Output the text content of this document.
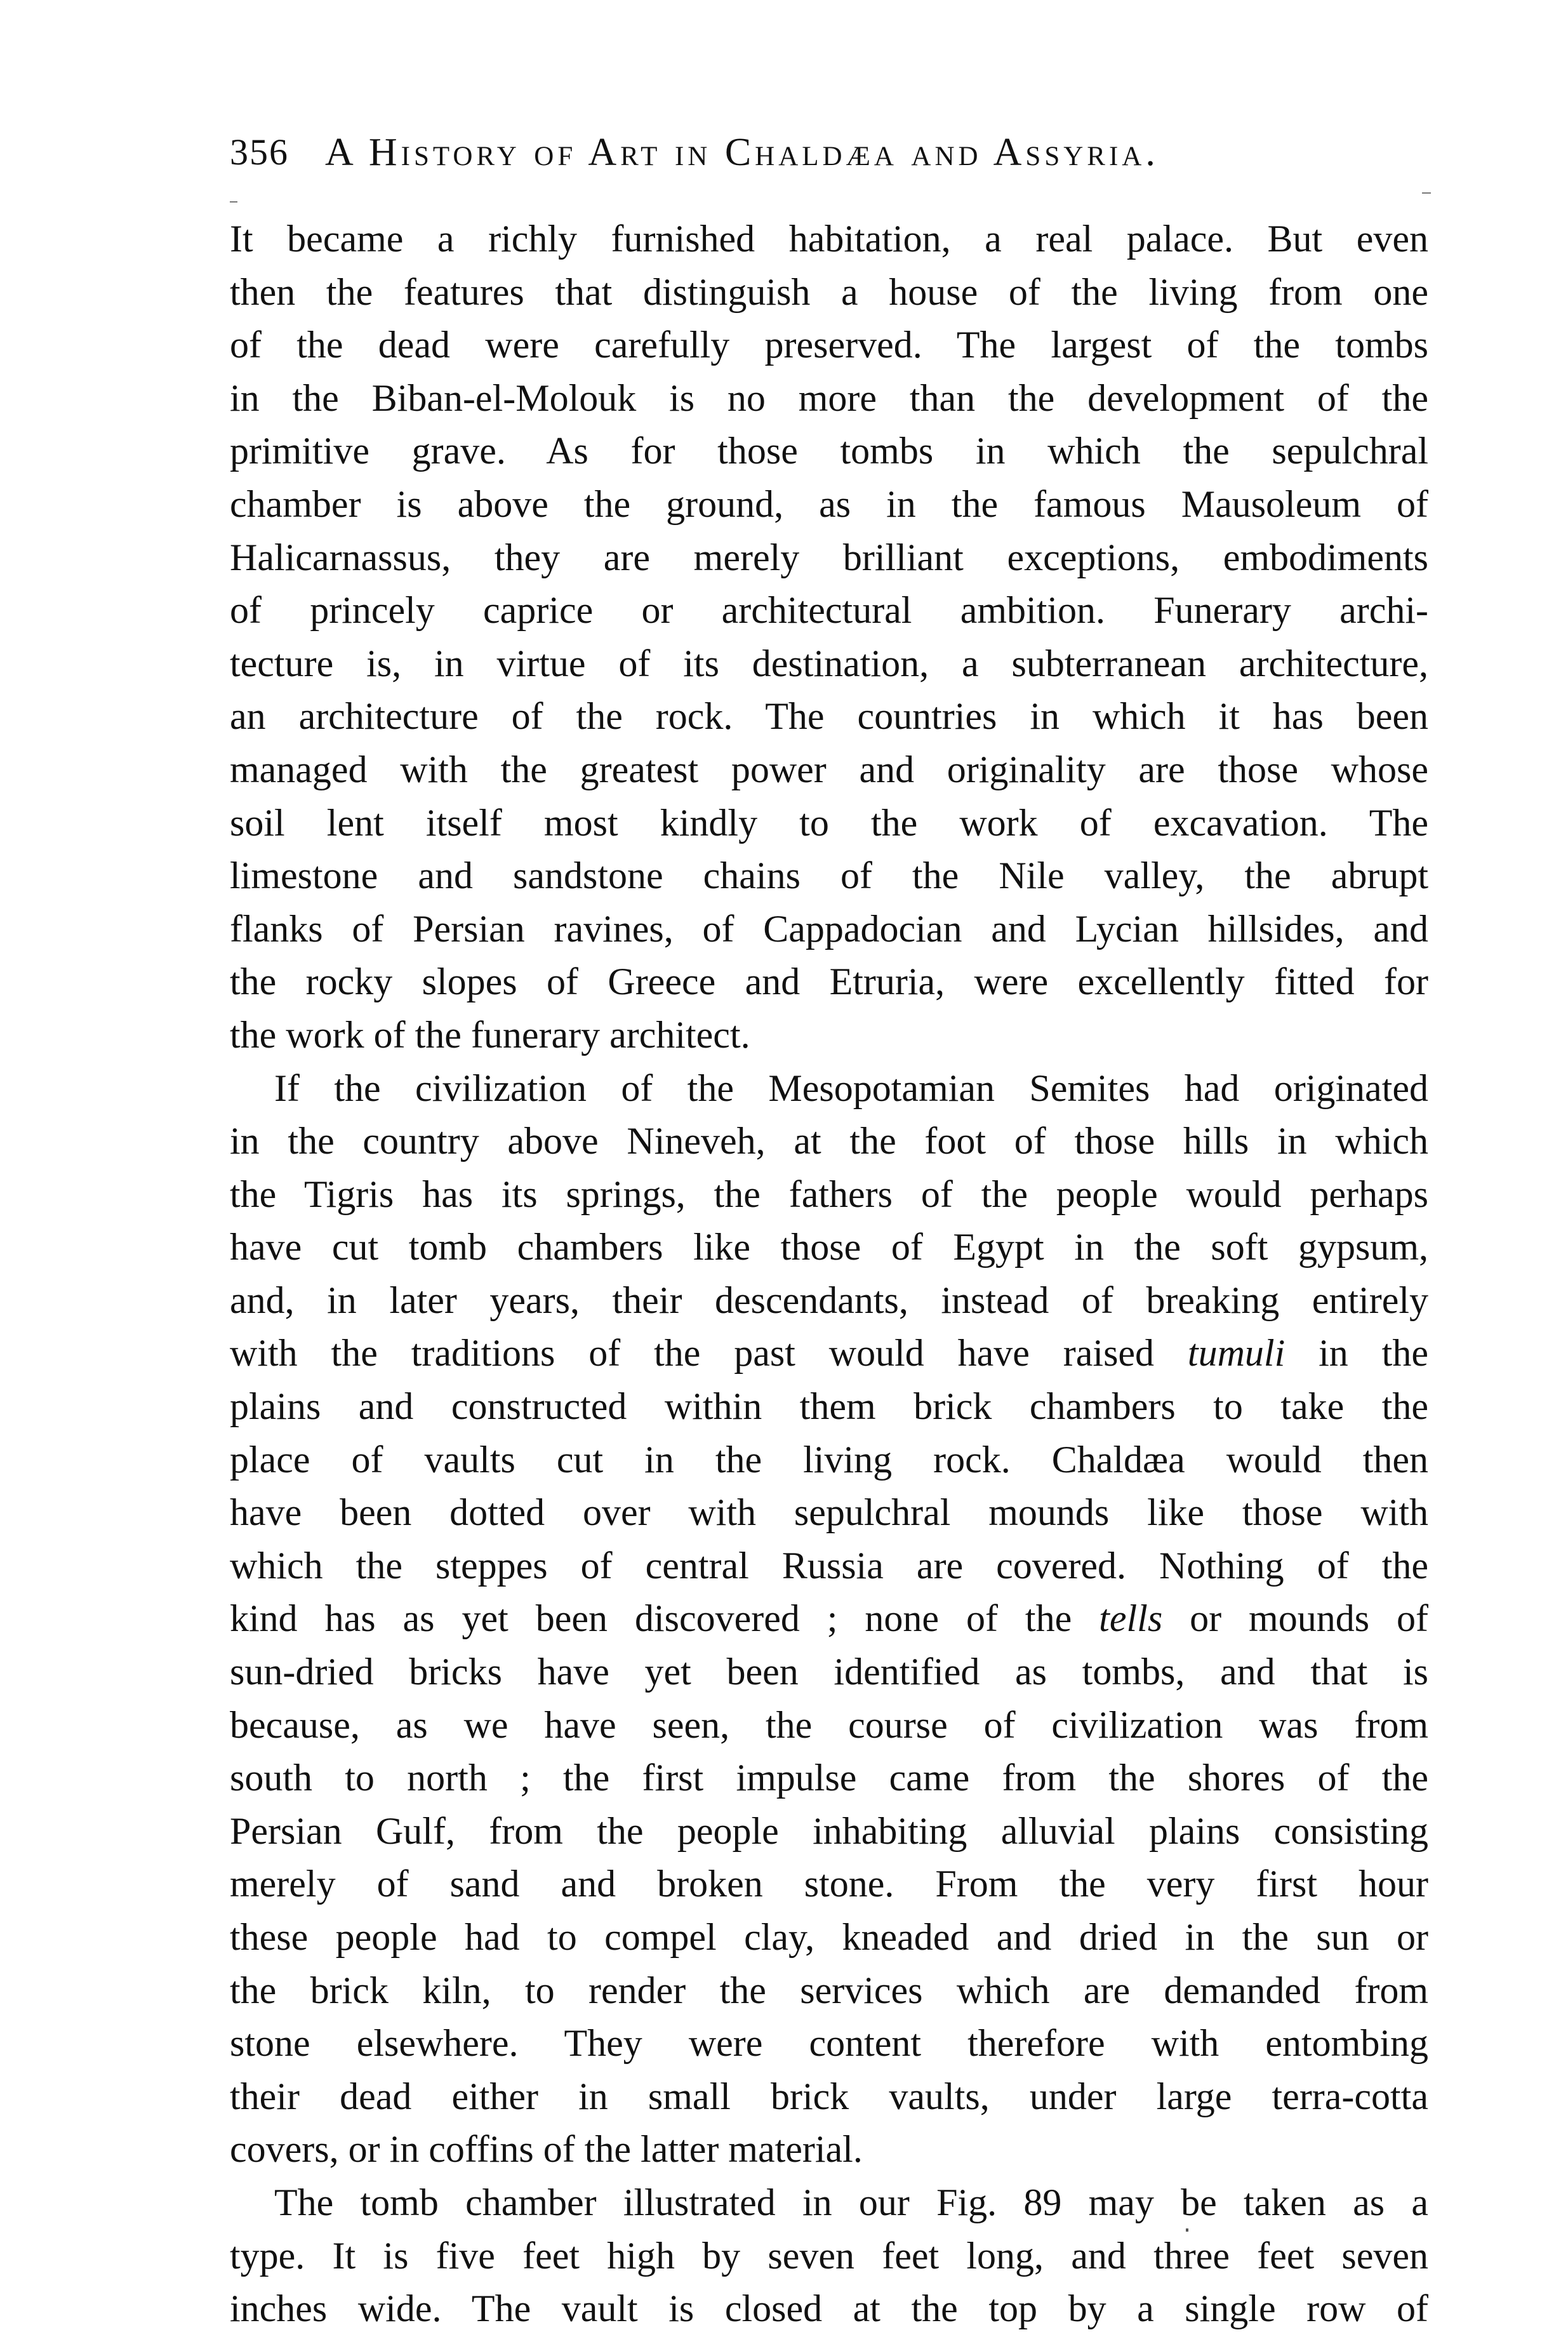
356 A History of Art in Chaldæa and Assyria.
It became a richly furnished habitation, a real palace. But even
then the features that distinguish a house of the living from one
of the dead were carefully preserved. The largest of the tombs
in the Biban-el-Molouk is no more than the development of the
primitive grave. As for those tombs in which the sepulchral
chamber is above the ground, as in the famous Mausoleum of
Halicarnassus, they are merely brilliant exceptions, embodiments
of princely caprice or architectural ambition. Funerary archi-
tecture is, in virtue of its destination, a subterranean architecture,
an architecture of the rock. The countries in which it has been
managed with the greatest power and originality are those whose
soil lent itself most kindly to the work of excavation. The
limestone and sandstone chains of the Nile valley, the abrupt
flanks of Persian ravines, of Cappadocian and Lycian hillsides, and
the rocky slopes of Greece and Etruria, were excellently fitted for
the work of the funerary architect.
If the civilization of the Mesopotamian Semites had originated
in the country above Nineveh, at the foot of those hills in which
the Tigris has its springs, the fathers of the people would perhaps
have cut tomb chambers like those of Egypt in the soft gypsum,
and, in later years, their descendants, instead of breaking entirely
with the traditions of the past would have raised tumuli in the
plains and constructed within them brick chambers to take the
place of vaults cut in the living rock. Chaldæa would then
have been dotted over with sepulchral mounds like those with
which the steppes of central Russia are covered. Nothing of the
kind has as yet been discovered ; none of the tells or mounds of
sun-dried bricks have yet been identified as tombs, and that is
because, as we have seen, the course of civilization was from
south to north ; the first impulse came from the shores of the
Persian Gulf, from the people inhabiting alluvial plains consisting
merely of sand and broken stone. From the very first hour
these people had to compel clay, kneaded and dried in the sun or
the brick kiln, to render the services which are demanded from
stone elsewhere. They were content therefore with entombing
their dead either in small brick vaults, under large terra-cotta
covers, or in coffins of the latter material.
The tomb chamber illustrated in our Fig. 89 may be taken as a
type. It is five feet high by seven feet long, and three feet seven
inches wide. The vault is closed at the top by a single row of
